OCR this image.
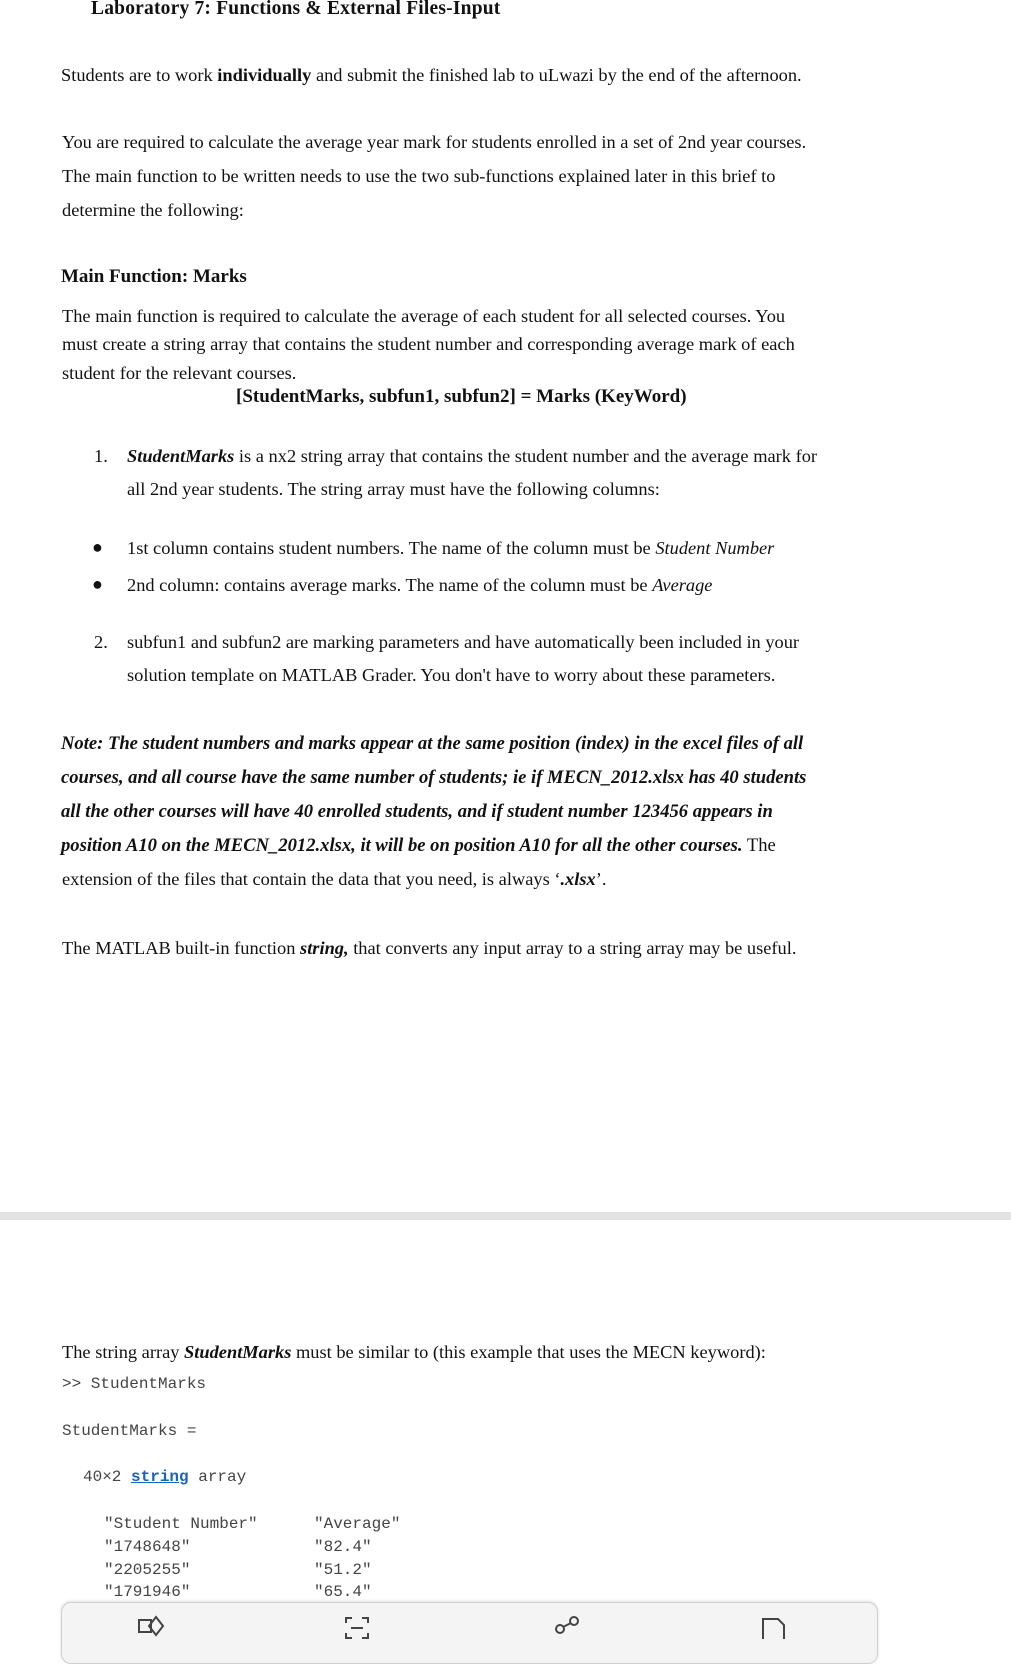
Laboratory 7: Functions & External Files-Input
Students are to work individually and submit the finished lab to uLwazi by the end of the afternoon.
You are required to calculate the average year mark for students enrolled in a set of 2nd year courses.
The main function to be written needs to use the two sub-functions explained later in this brief to
determine the following:
Main Function: Marks
The main function is required to calculate the average of each student for all selected courses. You
must create a string array that contains the student number and corresponding average mark of each
student for the relevant courses.
[StudentMarks, subfun1, subfun2] = Marks (KeyWord)
1. StudentMarks is a nx2 string array that contains the student number and the average mark for
all 2nd year students. The string array must have the following columns:
● 1st column contains student numbers. The name of the column must be Student Number
● 2nd column: contains average marks. The name of the column must be Average
2. subfun1 and subfun2 are marking parameters and have automatically been included in your
solution template on MATLAB Grader. You don't have to worry about these parameters.
Note: The student numbers and marks appear at the same position (index) in the excel files of all
courses, and all course have the same number of students; ie if MECN_2012.xlsx has 40 students
all the other courses will have 40 enrolled students, and if student number 123456 appears in
position A10 on the MECN_2012.xlsx, it will be on position A10 for all the other courses. The
extension of the files that contain the data that you need, is always ‘.xlsx’.
The MATLAB built-in function string, that converts any input array to a string array may be useful.
The string array StudentMarks must be similar to (this example that uses the MECN keyword):
>> StudentMarks
StudentMarks =
40×2 string array
"Student Number"	"Average"
"1748648"	"82.4"
"2205255"	"51.2"
"1791946"	"65.4"
